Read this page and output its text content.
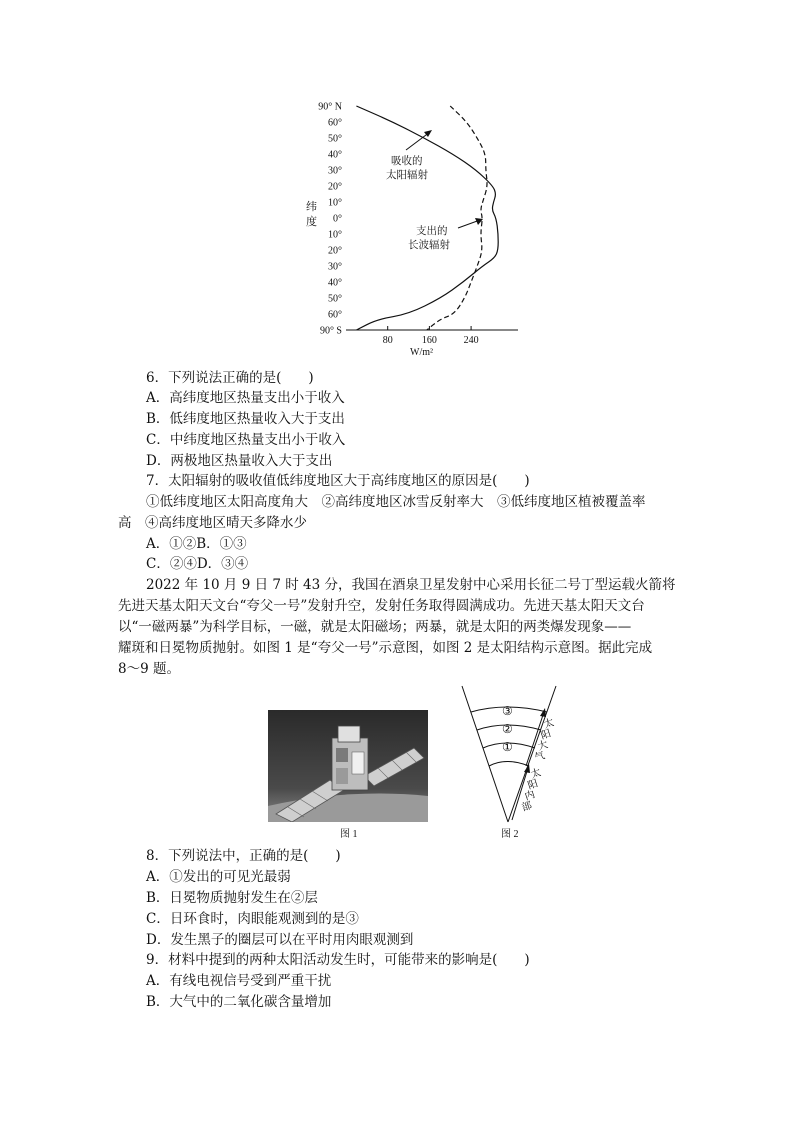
90° N
60°
50°
40°
30°
20°
10°
0°
10°
20°
30°
40°
50°
60°
90° S
80	160	240
纬
度
W/m²
吸收的
太阳辐射
支出的
长波辐射
6．下列说法正确的是(　　)
A．高纬度地区热量支出小于收入
B．低纬度地区热量收入大于支出
C．中纬度地区热量支出小于收入
D．两极地区热量收入大于支出
7．太阳辐射的吸收值低纬度地区大于高纬度地区的原因是(　　)
①低纬度地区太阳高度角大　②高纬度地区冰雪反射率大　③低纬度地区植被覆盖率
高　④高纬度地区晴天多降水少
A．①②B．①③
C．②④D．③④
2022 年 10 月 9 日 7 时 43 分，我国在酒泉卫星发射中心采用长征二号丁型运载火箭将
先进天基太阳天文台“夸父一号”发射升空，发射任务取得圆满成功。先进天基太阳天文台
以“一磁两暴”为科学目标，一磁，就是太阳磁场；两暴，就是太阳的两类爆发现象——
耀斑和日冕物质抛射。如图 1 是“夸父一号”示意图，如图 2 是太阳结构示意图。据此完成
8～9 题。
图 1
③
②
①
太
阳
大
气
太
阳
内
部
图 2
8．下列说法中，正确的是(　　)
A．①发出的可见光最弱
B．日冕物质抛射发生在②层
C．日环食时，肉眼能观测到的是③
D．发生黑子的圈层可以在平时用肉眼观测到
9．材料中提到的两种太阳活动发生时，可能带来的影响是(　　)
A．有线电视信号受到严重干扰
B．大气中的二氧化碳含量增加
